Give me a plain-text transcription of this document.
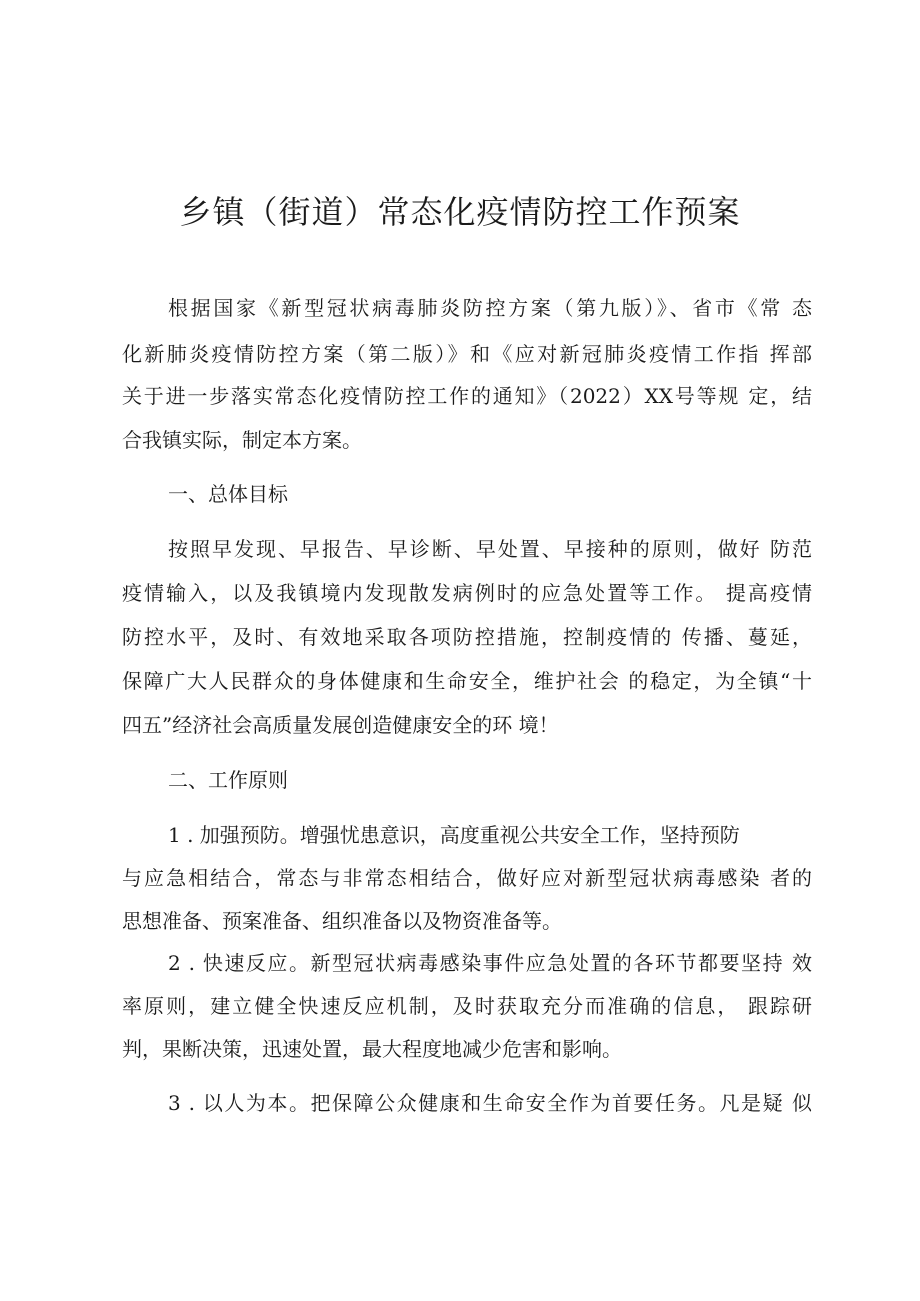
乡镇（街道）常态化疫情防控工作预案
根据国家《新型冠状病毒肺炎防控方案（第九版）》、省市《常 态
化新肺炎疫情防控方案（第二版）》和《应对新冠肺炎疫情工作指 挥部
关于进一步落实常态化疫情防控工作的通知》（2022）XX号等规 定，结
合我镇实际，制定本方案。
一、总体目标
按照早发现、早报告、早诊断、早处置、早接种的原则，做好 防范
疫情输入，以及我镇境内发现散发病例时的应急处置等工作。 提高疫情
防控水平，及时、有效地采取各项防控措施，控制疫情的 传播、蔓延，
保障广大人民群众的身体健康和生命安全，维护社会 的稳定，为全镇“十
四五”经济社会高质量发展创造健康安全的环 境！
二、工作原则
1 . 加强预防。增强忧患意识，高度重视公共安全工作，坚持预防
与应急相结合，常态与非常态相结合，做好应对新型冠状病毒感染 者的
思想准备、预案准备、组织准备以及物资准备等。
2 . 快速反应。新型冠状病毒感染事件应急处置的各环节都要坚持 效
率原则，建立健全快速反应机制，及时获取充分而准确的信息， 跟踪研
判，果断决策，迅速处置，最大程度地减少危害和影响。
3 . 以人为本。把保障公众健康和生命安全作为首要任务。凡是疑 似
